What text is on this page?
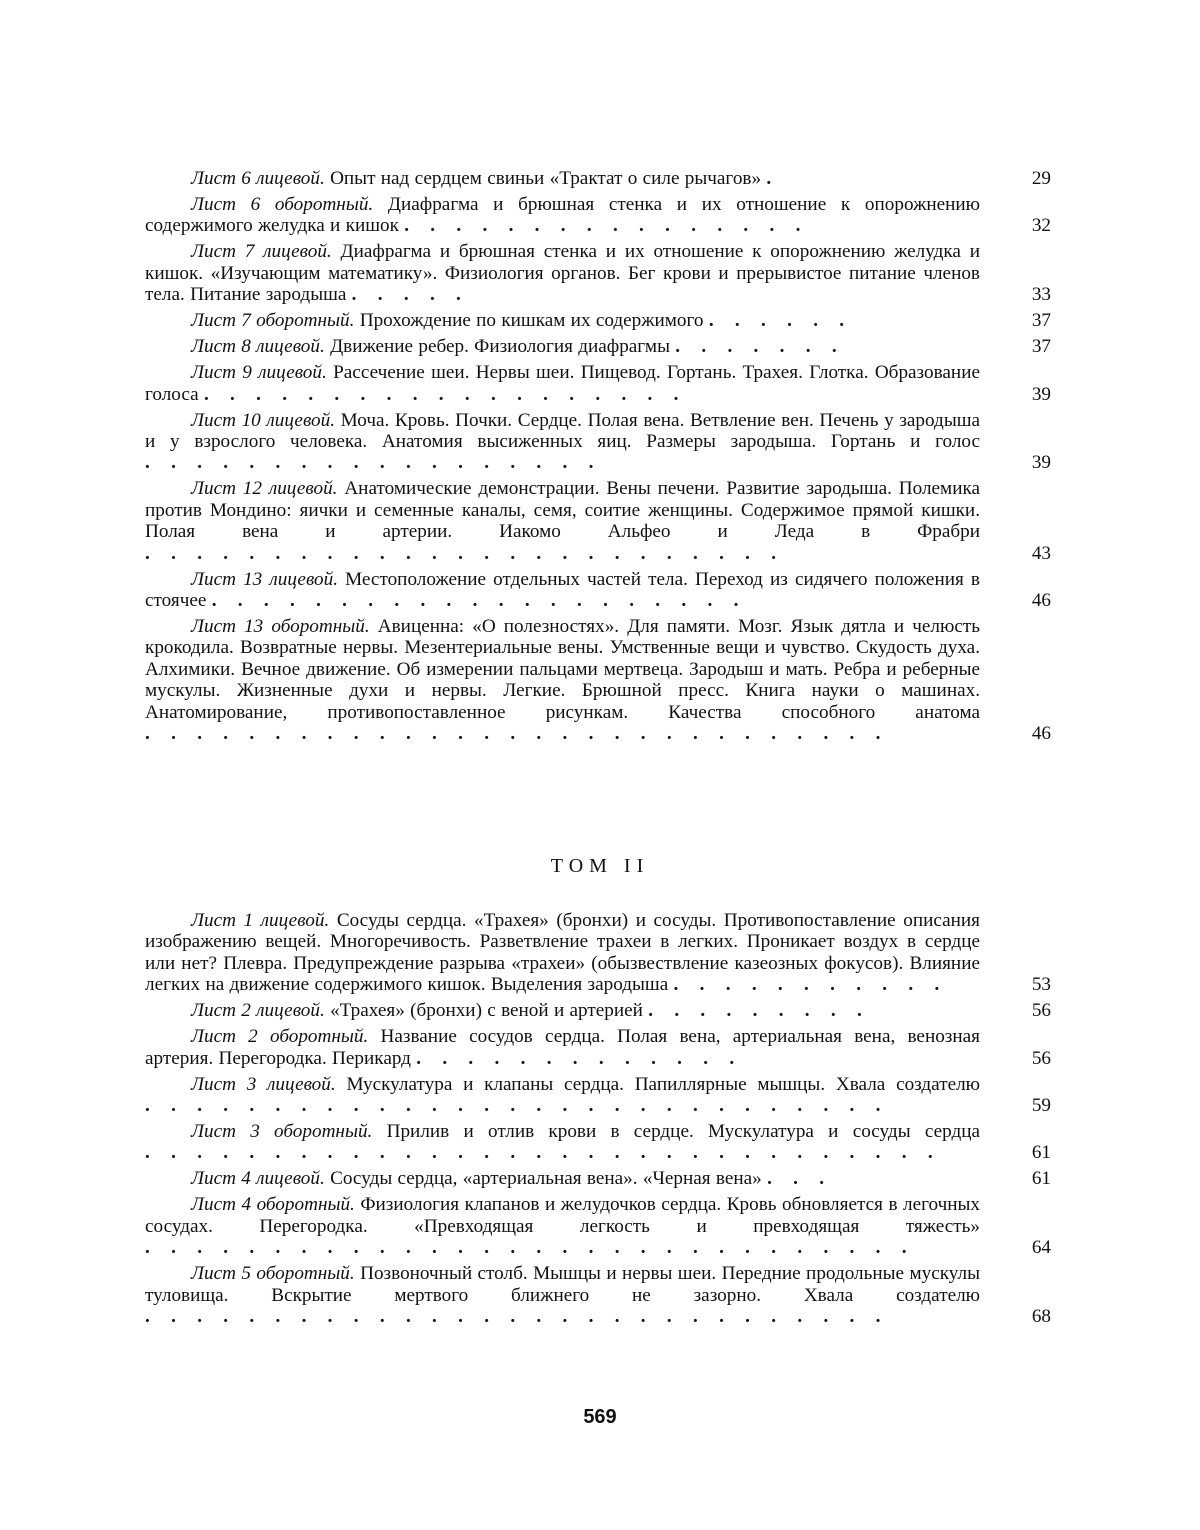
Лист 6 лицевой. Опыт над сердцем свиньи «Трактат о силе рычагов» .	29
Лист 6 оборотный. Диафрагма и брюшная стенка и их отношение к опорожнению содержимого желудка и кишок . . . . . . . . . . . . . . . .	32
Лист 7 лицевой. Диафрагма и брюшная стенка и их отношение к опорожнению желудка и кишок. «Изучающим математику». Физиология органов. Бег крови и прерывистое питание членов тела. Питание зародыша . . . . .	33
Лист 7 оборотный. Прохождение по кишкам их содержимого . . . . . .	37
Лист 8 лицевой. Движение ребер. Физиология диафрагмы . . . . . . .	37
Лист 9 лицевой. Рассечение шеи. Нервы шеи. Пищевод. Гортань. Трахея. Глотка. Образование голоса . . . . . . . . . . . . . . . . . . .	39
Лист 10 лицевой. Моча. Кровь. Почки. Сердце. Полая вена. Ветвление вен. Печень у зародыша и у взрослого человека. Анатомия высиженных яиц. Размеры зародыша. Гортань и голос . . . . . . . . . . . . . . . . . .	39
Лист 12 лицевой. Анатомические демонстрации. Вены печени. Развитие зародыша. Полемика против Мондино: яички и семенные каналы, семя, соитие женщины. Содержимое прямой кишки. Полая вена и артерии. Иакомо Альфео и Леда в Фрабри . . . . . . . . . . . . . . . . . . . . . . . . .	43
Лист 13 лицевой. Местоположение отдельных частей тела. Переход из сидячего положения в стоячее . . . . . . . . . . . . . . . . . . . . .	46
Лист 13 оборотный. Авиценна: «О полезностях». Для памяти. Мозг. Язык дятла и челюсть крокодила. Возвратные нервы. Мезентериальные вены. Умственные вещи и чувство. Скудость духа. Алхимики. Вечное движение. Об измерении пальцами мертвеца. Зародыш и мать. Ребра и реберные мускулы. Жизненные духи и нервы. Легкие. Брюшной пресс. Книга науки о машинах. Анатомирование, противопоставленное рисункам. Качества способного анатома . . . . . . . . . . . . . . . . . . . . . . . . . . . . .	46
ТОМ II
Лист 1 лицевой. Сосуды сердца. «Трахея» (бронхи) и сосуды. Противопоставление описания изображению вещей. Многоречивость. Разветвление трахеи в легких. Проникает воздух в сердце или нет? Плевра. Предупреждение разрыва «трахеи» (обызвествление казеозных фокусов). Влияние легких на движение содержимого кишок. Выделения зародыша . . . . . . . . . . .	53
Лист 2 лицевой. «Трахея» (бронхи) с веной и артерией . . . . . . . . .	56
Лист 2 оборотный. Название сосудов сердца. Полая вена, артериальная вена, венозная артерия. Перегородка. Перикард . . . . . . . . . . . . .	56
Лист 3 лицевой. Мускулатура и клапаны сердца. Папиллярные мышцы. Хвала создателю . . . . . . . . . . . . . . . . . . . . . . . . . . . . .	59
Лист 3 оборотный. Прилив и отлив крови в сердце. Мускулатура и сосуды сердца . . . . . . . . . . . . . . . . . . . . . . . . . . . . . . .	61
Лист 4 лицевой. Сосуды сердца, «артериальная вена». «Черная вена» . . .	61
Лист 4 оборотный. Физиология клапанов и желудочков сердца. Кровь обновляется в легочных сосудах. Перегородка. «Превходящая легкость и превходящая тяжесть» . . . . . . . . . . . . . . . . . . . . . . . . . . . . . .	64
Лист 5 оборотный. Позвоночный столб. Мышцы и нервы шеи. Передние продольные мускулы туловища. Вскрытие мертвого ближнего не зазорно. Хвала создателю . . . . . . . . . . . . . . . . . . . . . . . . . . . . .	68
569
